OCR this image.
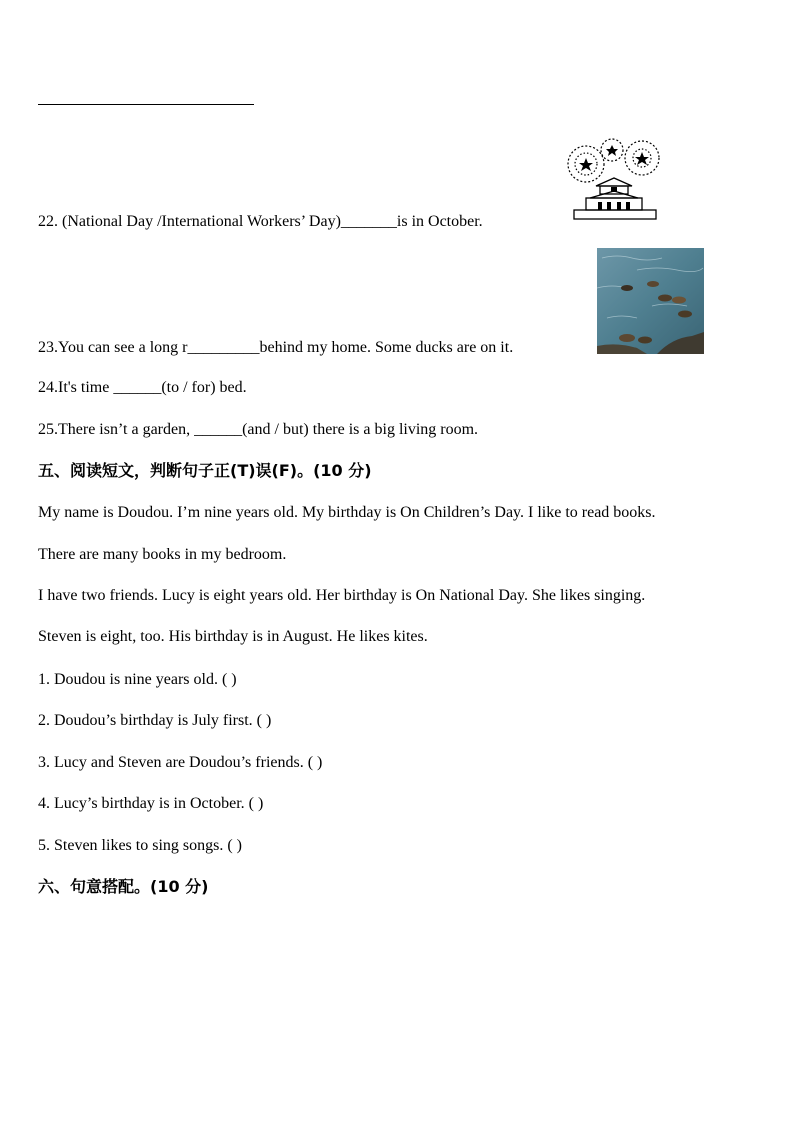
22. (National Day /International Workers’ Day)_______is in October.
23.You can see a long r_________behind my home. Some ducks are on it.
24.It's time ______(to / for) bed.
25.There isn’t a garden, ______(and / but) there is a big living room.
五、阅读短文，判断句子正(T)误(F)。(10 分)
My name is Doudou. I’m nine years old. My birthday is On Children’s Day. I like to read books.
There are many books in my bedroom.
I have two friends. Lucy is eight years old. Her birthday is On National Day. She likes singing.
Steven is eight, too. His birthday is in August. He likes kites.
1. Doudou is nine years old. ( )
2. Doudou’s birthday is July first. ( )
3. Lucy and Steven are Doudou’s friends. ( )
4. Lucy’s birthday is in October. ( )
5. Steven likes to sing songs. ( )
六、句意搭配。(10 分)
